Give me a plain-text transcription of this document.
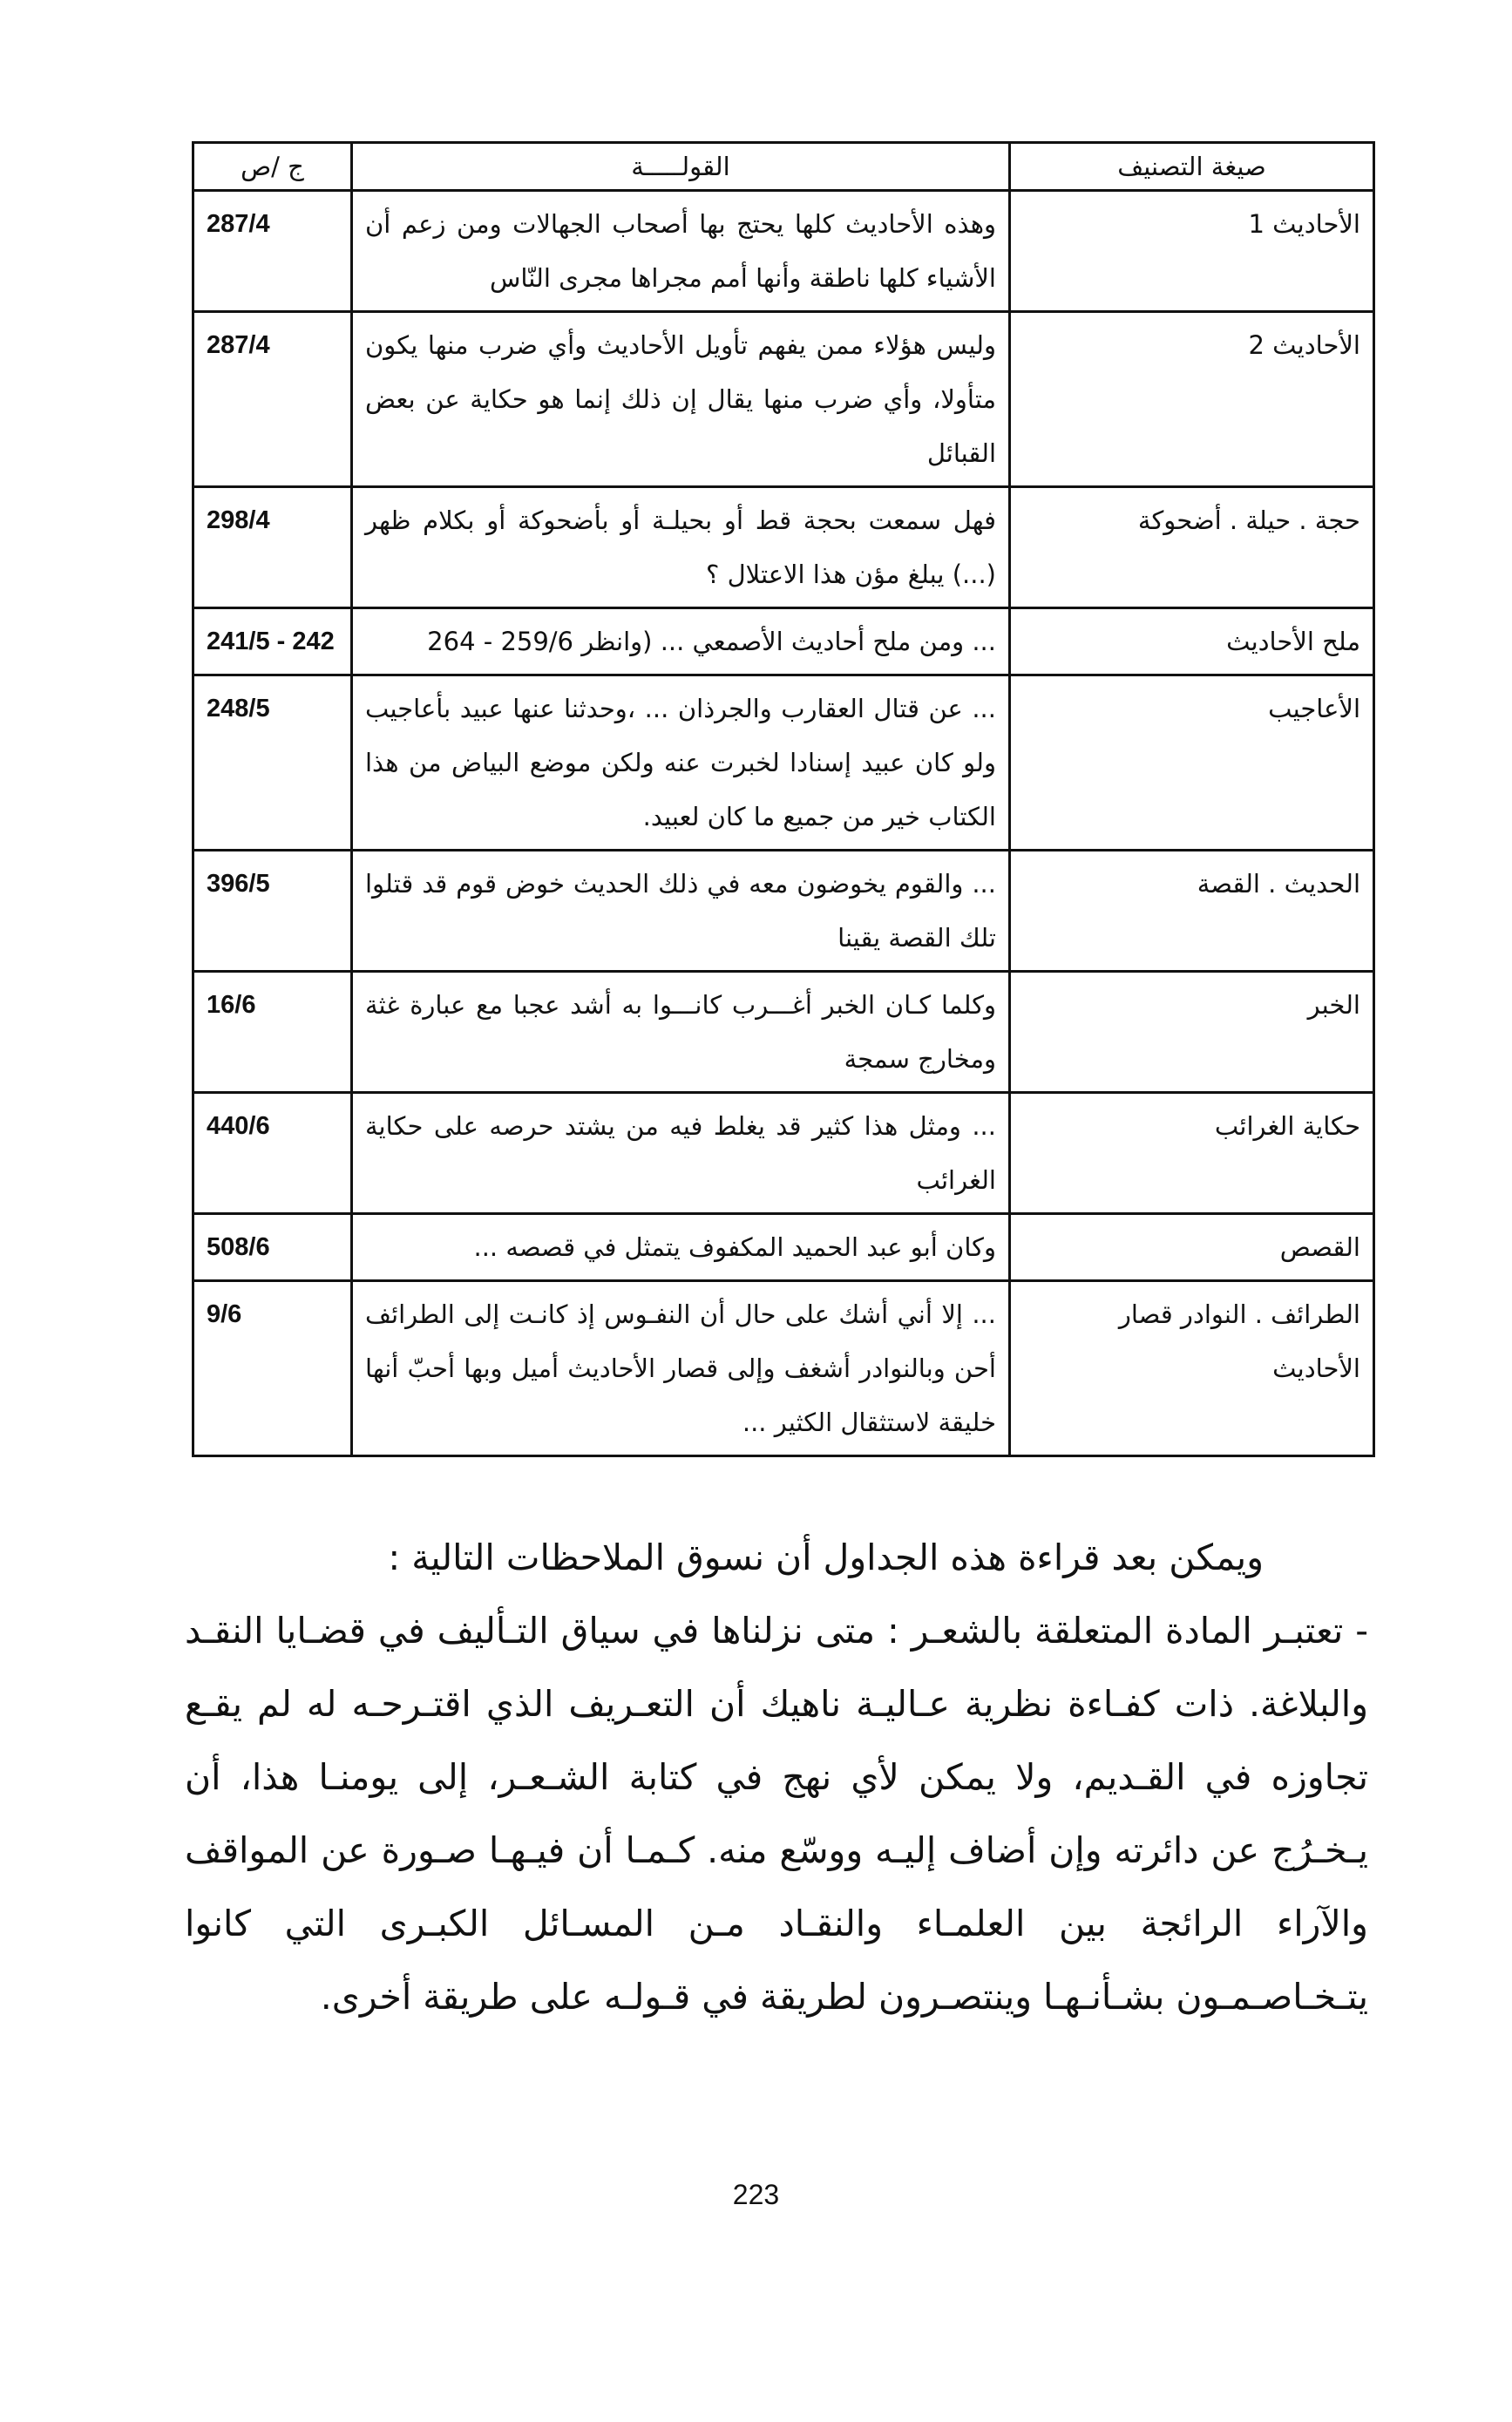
صيغة التصنيف	القولـــــة	ج /ص
الأحاديث 1	وهذه الأحاديث كلها يحتج بها أصحاب الجهالات ومن زعم أن الأشياء كلها ناطقة وأنها أمم مجراها مجرى النّاس	287/4
الأحاديث 2	وليس هؤلاء ممن يفهم تأويل الأحاديث وأي ضرب منها يكون متأولا، وأي ضرب منها يقال إن ذلك إنما هو حكاية عن بعض القبائل	287/4
حجة . حيلة . أضحوكة	فهل سمعت بحجة قط أو بحيلـة أو بأضحوكة أو بكلام ظهر (...) يبلغ مؤن هذا الاعتلال ؟	298/4
ملح الأحاديث	... ومن ملح أحاديث الأصمعي ... (وانظر 259/6 - 264	241/5 - 242
الأعاجيب	... عن قتال العقارب والجرذان ... ،وحدثنا عنها عبيد بأعاجيب ولو كان عبيد إسنادا لخبرت عنه ولكن موضع البياض من هذا الكتاب خير من جميع ما كان لعبيد.	248/5
الحديث . القصة	... والقوم يخوضون معه في ذلك الحديث خوض قوم قد قتلوا تلك القصة يقينا	396/5
الخبر	وكلما كـان الخبر أغـــرب كانـــوا به أشد عجبا مع عبارة غثة ومخارج سمجة	16/6
حكاية الغرائب	... ومثل هذا كثير قد يغلط فيه من يشتد حرصه على حكاية الغرائب	440/6
القصص	وكان أبو عبد الحميد المكفوف يتمثل في قصصه ...	508/6
الطرائف . النوادر قصار الأحاديث	... إلا أني أشك على حال أن النفـوس إذ كانـت إلى الطرائف أحن وبالنوادر أشغف وإلى قصار الأحاديث أميل وبها أحبّ أنها خليقة لاستثقال الكثير ...	9/6

ويمكن بعد قراءة هذه الجداول أن نسوق الملاحظات التالية :

- تعتبـر المادة المتعلقة بالشعـر : متى نزلناها في سياق التـأليف في قضـايا النقـد والبلاغة. ذات كفـاءة نظرية عـاليـة ناهيك أن التعـريف الذي اقتـرحـه له لم يقـع تجاوزه في القـديم، ولا يمكن لأي نهج في كتابة الشـعـر، إلى يومنـا هذا، أن يـخـرُج عن دائرته وإن أضاف إليـه ووسّع منه. كـمـا أن فيـهـا صـورة عن المواقف والآراء الرائجة بين العلمـاء والنقـاد مـن المسـائل الكبـرى التي كانوا يتـخـاصـمـون بشـأنـهـا وينتصـرون لطريقة في قـولـه على طريقة أخرى.

223
